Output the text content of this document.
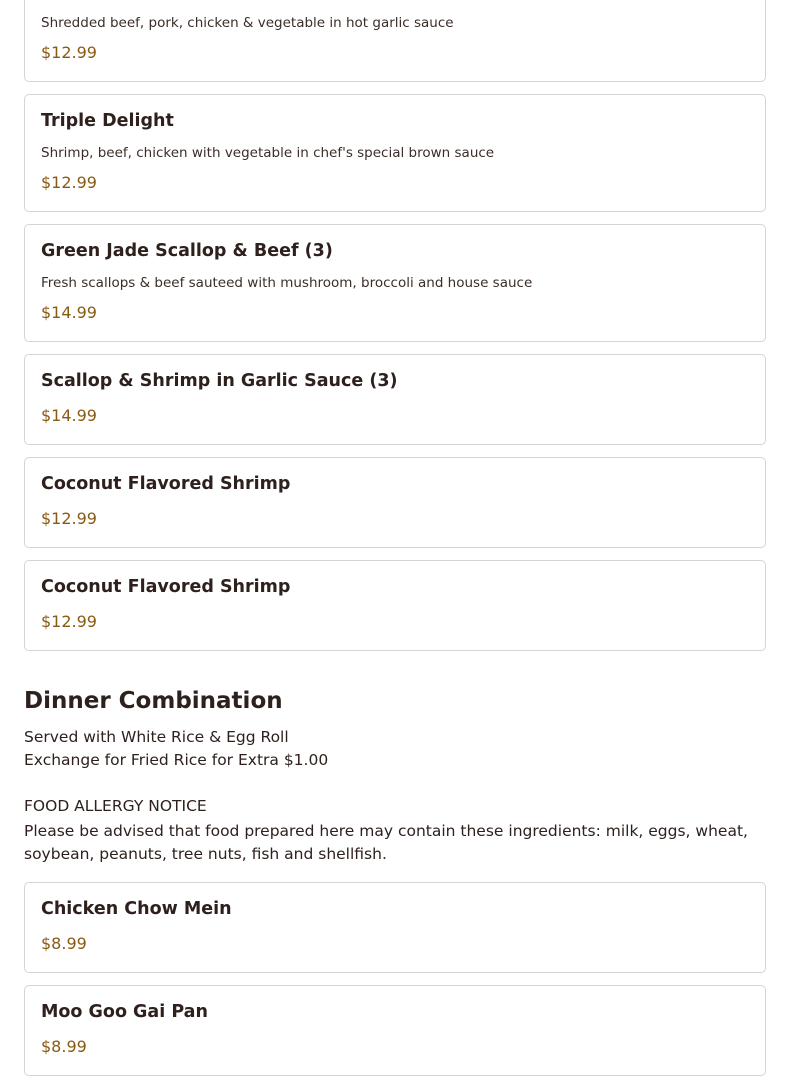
Shredded beef, pork, chicken & vegetable in hot garlic sauce
$12.99
Triple Delight
Shrimp, beef, chicken with vegetable in chef's special brown sauce
$12.99
Green Jade Scallop & Beef (3)
Fresh scallops & beef sauteed with mushroom, broccoli and house sauce
$14.99
Scallop & Shrimp in Garlic Sauce (3)
$14.99
Coconut Flavored Shrimp
$12.99
Coconut Flavored Shrimp
$12.99
Dinner Combination
Served with White Rice & Egg Roll
Exchange for Fried Rice for Extra $1.00
FOOD ALLERGY NOTICE
Please be advised that food prepared here may contain these ingredients: milk, eggs, wheat, soybean, peanuts, tree nuts, fish and shellfish.
Chicken Chow Mein
$8.99
Moo Goo Gai Pan
$8.99
